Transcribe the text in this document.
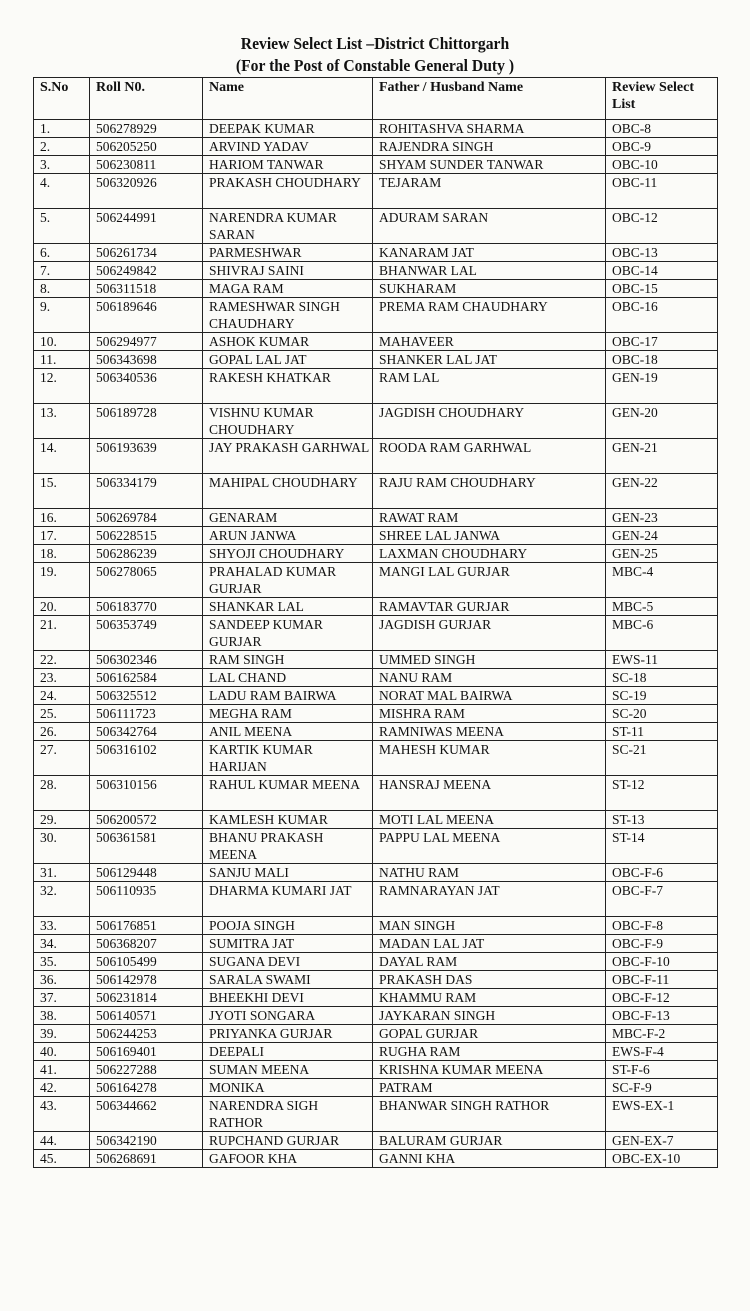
Review Select List –District Chittorgarh
(For the Post of Constable General Duty )
S.No	Roll N0.	Name	Father / Husband Name	Review Select List
1.	506278929	DEEPAK KUMAR	ROHITASHVA SHARMA	OBC-8
2.	506205250	ARVIND YADAV	RAJENDRA SINGH	OBC-9
3.	506230811	HARIOM TANWAR	SHYAM SUNDER TANWAR	OBC-10
4.	506320926	PRAKASH CHOUDHARY	TEJARAM	OBC-11
5.	506244991	NARENDRA KUMAR SARAN	ADURAM SARAN	OBC-12
6.	506261734	PARMESHWAR	KANARAM JAT	OBC-13
7.	506249842	SHIVRAJ SAINI	BHANWAR LAL	OBC-14
8.	506311518	MAGA RAM	SUKHARAM	OBC-15
9.	506189646	RAMESHWAR SINGH CHAUDHARY	PREMA RAM CHAUDHARY	OBC-16
10.	506294977	ASHOK KUMAR	MAHAVEER	OBC-17
11.	506343698	GOPAL LAL JAT	SHANKER LAL JAT	OBC-18
12.	506340536	RAKESH KHATKAR	RAM LAL	GEN-19
13.	506189728	VISHNU KUMAR CHOUDHARY	JAGDISH CHOUDHARY	GEN-20
14.	506193639	JAY PRAKASH GARHWAL	ROODA RAM GARHWAL	GEN-21
15.	506334179	MAHIPAL CHOUDHARY	RAJU RAM CHOUDHARY	GEN-22
16.	506269784	GENARAM	RAWAT RAM	GEN-23
17.	506228515	ARUN JANWA	SHREE LAL JANWA	GEN-24
18.	506286239	SHYOJI CHOUDHARY	LAXMAN CHOUDHARY	GEN-25
19.	506278065	PRAHALAD KUMAR GURJAR	MANGI LAL GURJAR	MBC-4
20.	506183770	SHANKAR LAL	RAMAVTAR GURJAR	MBC-5
21.	506353749	SANDEEP KUMAR GURJAR	JAGDISH GURJAR	MBC-6
22.	506302346	RAM SINGH	UMMED SINGH	EWS-11
23.	506162584	LAL CHAND	NANU RAM	SC-18
24.	506325512	LADU RAM BAIRWA	NORAT MAL BAIRWA	SC-19
25.	506111723	MEGHA RAM	MISHRA RAM	SC-20
26.	506342764	ANIL MEENA	RAMNIWAS MEENA	ST-11
27.	506316102	KARTIK KUMAR HARIJAN	MAHESH KUMAR	SC-21
28.	506310156	RAHUL KUMAR MEENA	HANSRAJ MEENA	ST-12
29.	506200572	KAMLESH KUMAR	MOTI LAL MEENA	ST-13
30.	506361581	BHANU PRAKASH MEENA	PAPPU LAL MEENA	ST-14
31.	506129448	SANJU MALI	NATHU RAM	OBC-F-6
32.	506110935	DHARMA KUMARI JAT	RAMNARAYAN JAT	OBC-F-7
33.	506176851	POOJA SINGH	MAN SINGH	OBC-F-8
34.	506368207	SUMITRA JAT	MADAN LAL JAT	OBC-F-9
35.	506105499	SUGANA DEVI	DAYAL RAM	OBC-F-10
36.	506142978	SARALA SWAMI	PRAKASH DAS	OBC-F-11
37.	506231814	BHEEKHI DEVI	KHAMMU RAM	OBC-F-12
38.	506140571	JYOTI SONGARA	JAYKARAN SINGH	OBC-F-13
39.	506244253	PRIYANKA GURJAR	GOPAL GURJAR	MBC-F-2
40.	506169401	DEEPALI	RUGHA RAM	EWS-F-4
41.	506227288	SUMAN MEENA	KRISHNA KUMAR MEENA	ST-F-6
42.	506164278	MONIKA	PATRAM	SC-F-9
43.	506344662	NARENDRA SIGH RATHOR	BHANWAR SINGH RATHOR	EWS-EX-1
44.	506342190	RUPCHAND GURJAR	BALURAM GURJAR	GEN-EX-7
45.	506268691	GAFOOR KHA	GANNI KHA	OBC-EX-10
